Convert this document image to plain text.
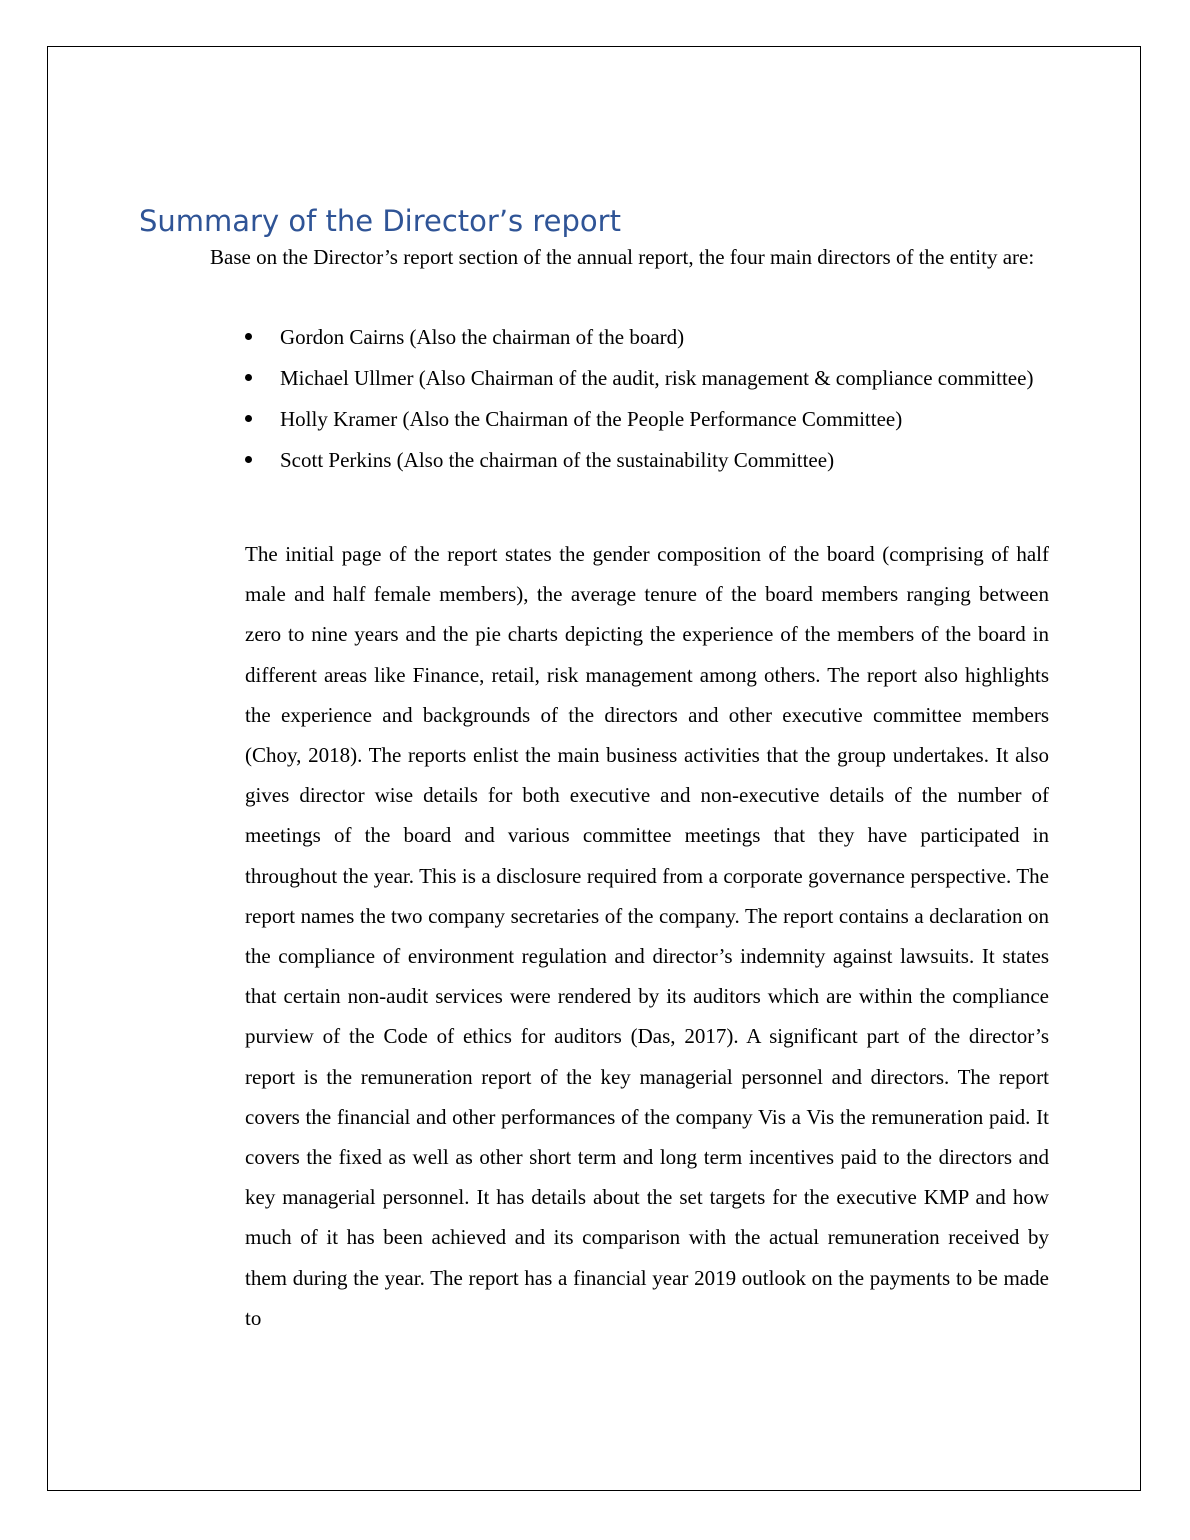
Summary of the Director’s report

Base on the Director’s report section of the annual report, the four main directors of the entity are:

Gordon Cairns (Also the chairman of the board)
Michael Ullmer (Also Chairman of the audit, risk management & compliance committee)
Holly Kramer (Also the Chairman of the People Performance Committee)
Scott Perkins (Also the chairman of the sustainability Committee)

The initial page of the report states the gender composition of the board (comprising of half male and half female members), the average tenure of the board members ranging between zero to nine years and the pie charts depicting the experience of the members of the board in different areas like Finance, retail, risk management among others. The report also highlights the experience and backgrounds of the directors and other executive committee members (Choy, 2018). The reports enlist the main business activities that the group undertakes. It also gives director wise details for both executive and non-executive details of the number of meetings of the board and various committee meetings that they have participated in throughout the year. This is a disclosure required from a corporate governance perspective. The report names the two company secretaries of the company. The report contains a declaration on the compliance of environment regulation and director’s indemnity against lawsuits. It states that certain non-audit services were rendered by its auditors which are within the compliance purview of the Code of ethics for auditors (Das, 2017). A significant part of the director’s report is the remuneration report of the key managerial personnel and directors. The report covers the financial and other performances of the company Vis a Vis the remuneration paid. It covers the fixed as well as other short term and long term incentives paid to the directors and key managerial personnel. It has details about the set targets for the executive KMP and how much of it has been achieved and its comparison with the actual remuneration received by them during the year. The report has a financial year 2019 outlook on the payments to be made to
